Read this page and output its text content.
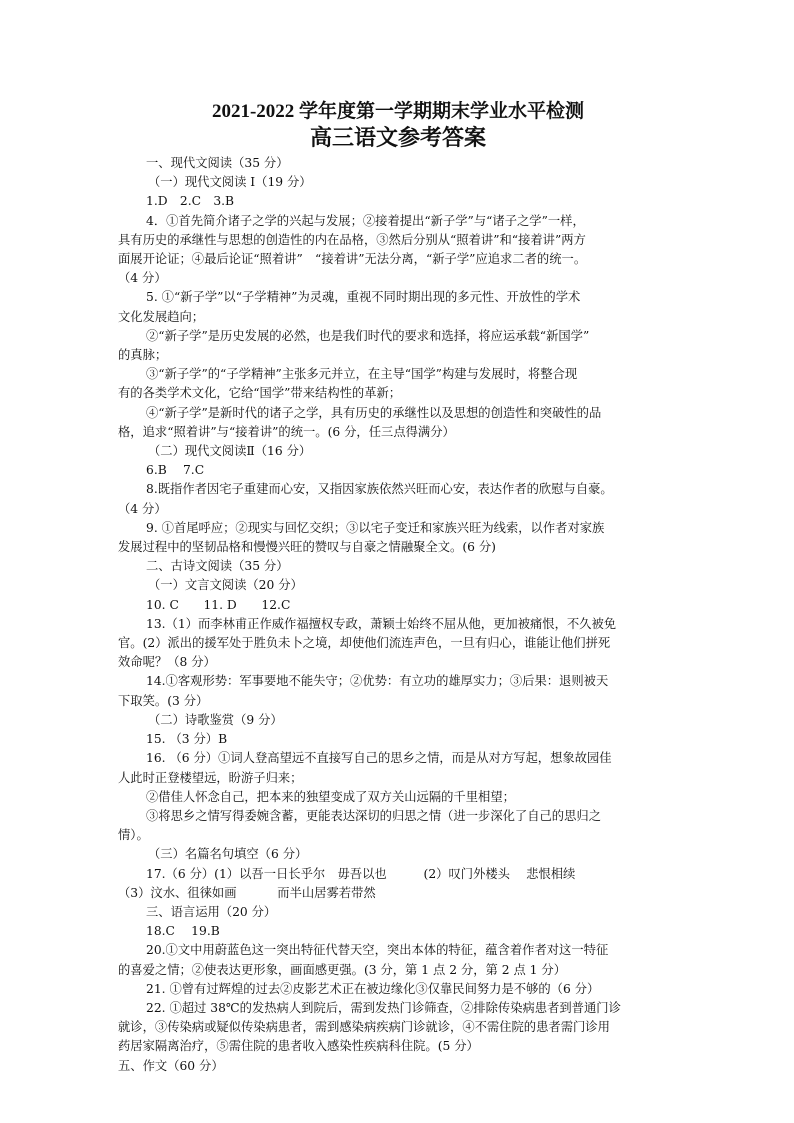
2021-2022 学年度第一学期期末学业水平检测

高三语文参考答案

一、现代文阅读（35 分）

（一）现代文阅读 I（19 分）

1.D　2.C　3.B

4．①首先简介诸子之学的兴起与发展；②接着提出“新子学”与“诸子之学”一样，

具有历史的承继性与思想的创造性的内在品格，③然后分别从“照着讲”和“接着讲”两方

面展开论证；④最后论证“照着讲”　“接着讲”无法分离，“新子学”应追求二者的统一。

（4 分）

5. ①“新子学”以“子学精神”为灵魂，重视不同时期出现的多元性、开放性的学术

文化发展趋向；

②“新子学”是历史发展的必然，也是我们时代的要求和选择，将应运承载“新国学”

的真脉；

③“新子学”的“子学精神”主张多元并立，在主导“国学”构建与发展时，将整合现

有的各类学术文化，它给“国学”带来结构性的革新；

④“新子学”是新时代的诸子之学，具有历史的承继性以及思想的创造性和突破性的品

格，追求“照着讲”与“接着讲”的统一。(6 分，任三点得满分）

（二）现代文阅读Ⅱ（16 分）

6.B　 7.C

8.既指作者因宅子重建而心安，又指因家族依然兴旺而心安，表达作者的欣慰与自豪。

（4 分）

9. ①首尾呼应；②现实与回忆交织；③以宅子变迁和家族兴旺为线索，以作者对家族

发展过程中的坚韧品格和慢慢兴旺的赞叹与自豪之情融聚全文。(6 分)

二、古诗文阅读（35 分）

（一）文言文阅读（20 分）

10. C　　11. D　　12.C

13.（1）而李林甫正作威作福擅权专政，萧颖士始终不屈从他，更加被痛恨，不久被免

官。(2）派出的援军处于胜负未卜之境，却使他们流连声色，一旦有归心，谁能让他们拼死

效命呢？（8 分）

14.①客观形势：军事要地不能失守；②优势：有立功的雄厚实力；③后果：退则被天

下取笑。(3 分）

（二）诗歌鉴赏（9 分）

15. （3 分）B

16. （6 分）①词人登高望远不直接写自己的思乡之情，而是从对方写起，想象故园佳

人此时正登楼望远，盼游子归来；

②借佳人怀念自己，把本来的独望变成了双方关山远隔的千里相望；

③将思乡之情写得委婉含蓄，更能表达深切的归思之情（进一步深化了自己的思归之

情）。

（三）名篇名句填空（6 分）

17.（6 分）(1）以吾一日长乎尔　毋吾以也　　　(2）叹门外楼头　 悲恨相续

（3）汶水、徂徕如画　　　 而半山居雾若带然

三、语言运用（20 分）

18.C　 19.B

20.①文中用蔚蓝色这一突出特征代替天空，突出本体的特征，蕴含着作者对这一特征

的喜爱之情；②使表达更形象，画面感更强。(3 分，第 1 点 2 分，第 2 点 1 分）

21. ①曾有过辉煌的过去②皮影艺术正在被边缘化③仅靠民间努力是不够的（6 分）

22. ①超过 38℃的发热病人到院后，需到发热门诊筛查，②排除传染病患者到普通门诊

就诊，③传染病或疑似传染病患者，需到感染病疾病门诊就诊，④不需住院的患者需门诊用

药居家隔离治疗，⑤需住院的患者收入感染性疾病科住院。(5 分）

五、作文（60 分）
